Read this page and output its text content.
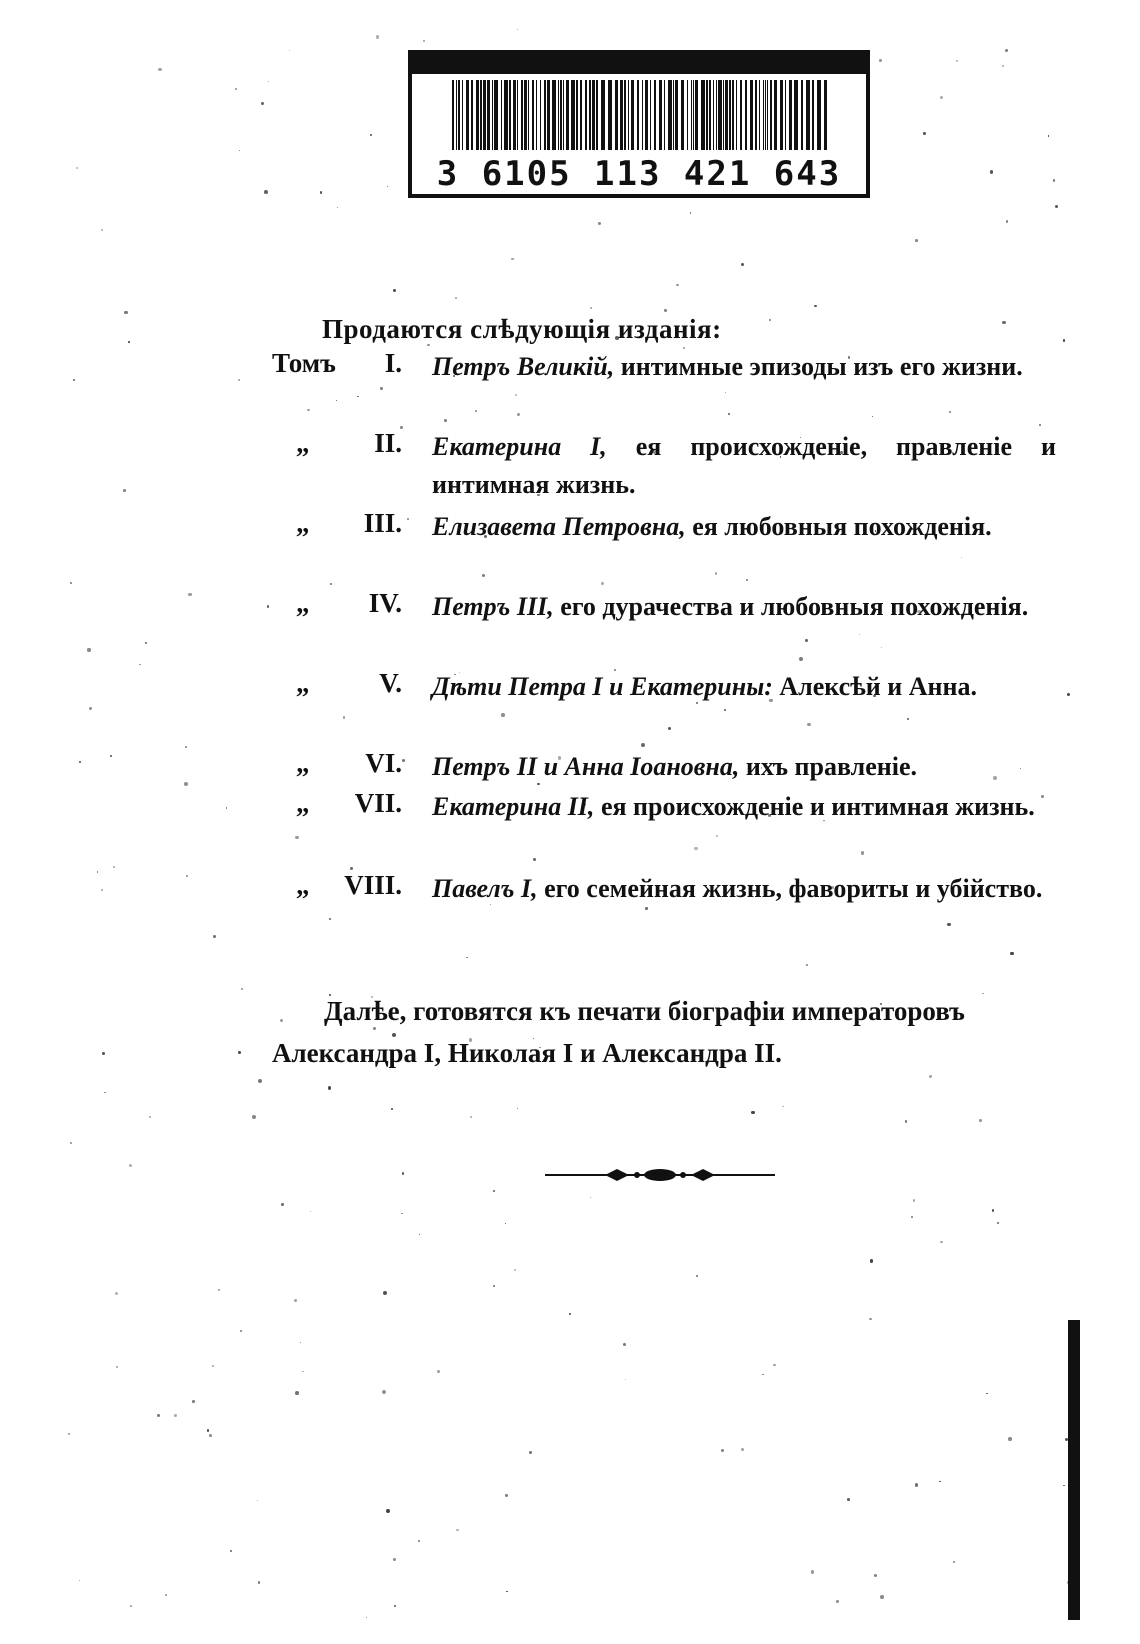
3 6105 113 421 643
Продаются слѣдующія изданія:
Томъ	I. Петръ Великій, интимные эпизоды изъ его жизни.
„	II. Екатерина I, ея происхожденіе, правленіе и интимная жизнь.
„	III. Елизавета Петровна, ея любовныя похожденія.
„	IV. Петръ III, его дурачества и любовныя похожденія.
„	V. Дѣти Петра I и Екатерины: Алексѣй и Анна.
„	VI. Петръ II и Анна Іоановна, ихъ правленіе.
„	VII. Екатерина II, ея происхожденіе и интимная жизнь.
„	VIII. Павелъ I, его семейная жизнь, фавориты и убійство.
Далѣе, готовятся къ печати біографіи императоровъ Александра I, Николая I и Александра II.
